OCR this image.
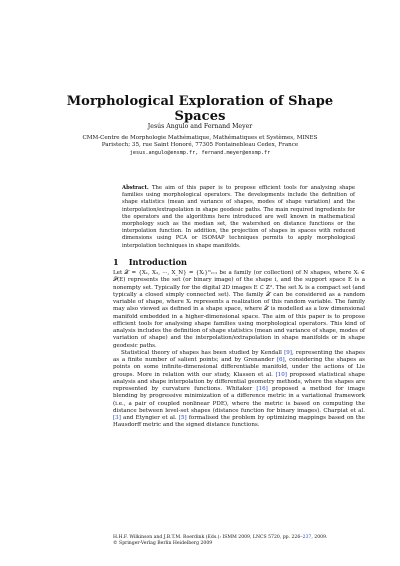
Morphological Exploration of Shape Spaces
Jesús Angulo and Fernand Meyer
CMM-Centre de Morphologie Mathématique, Mathématiques et Systèmes, MINES
Paristech; 35, rue Saint Honoré, 77305 Fontainebleau Cedex, France
jesus.angulo@ensmp.fr, fernand.meyer@ensmp.fr
Abstract. The aim of this paper is to propose efficient tools for analysing shape families using morphological operators. The developments include the definition of shape statistics (mean and variance of shapes, modes of shape variation) and the interpolation/extrapolation in shape geodesic paths. The main required ingredients for the operators and the algorithms here introduced are well known in mathematical morphology such as the median set, the watershed on distance functions or the interpolation function. In addition, the projection of shapes in spaces with reduced dimensions using PCA or ISOMAP techniques permits to apply morphological interpolation techniques in shape manifolds.
1 Introduction

Let 𝒳 = {X₁, X₂, ···, X_N} = {Xᵢ}ᴺᵢ₌₁ be a family (or collection) of N shapes, where Xᵢ ∈ 𝒫(E) represents the set (or binary image) of the shape i, and the support space E is a nonempty set. Typically for the digital 2D images E ⊂ ℤ². The set Xᵢ is a compact set (and typically a closed simply connected set). The family 𝒳 can be considered as a random variable of shape, where Xᵢ represents a realization of this random variable. The family may also viewed as defined in a shape space, where 𝒳 is modelled as a low dimensional manifold embedded in a higher-dimensional space. The aim of this paper is to propose efficient tools for analysing shape families using morphological operators. This kind of analysis includes the definition of shape statistics (mean and variance of shape, modes of variation of shape) and the interpolation/extrapolation in shape manifolds or in shape geodesic paths.

Statistical theory of shapes has been studied by Kendall [9], representing the shapes as a finite number of salient points; and by Grenander [6], considering the shapes as points on some infinite-dimensional differentiable manifold, under the actions of Lie groups. More in relation with our study, Klassen et al. [10] proposed statistical shape analysis and shape interpolation by differential geometry methods, where the shapes are represented by curvature functions. Whitaker [16] proposed a method for image blending by progressive minimization of a difference metric in a variational framework (i.e., a pair of coupled nonlinear PDE), where the metric is based on computing the distance between level-set shapes (distance function for binary images). Charpiat et al. [3] and Etyngier et al. [5] formalised the problem by optimizing mappings based on the Hausdorff metric and the signed distance functions.

H.H.F. Wilkinson and J.B.T.M. Roerdink (Eds.): ISMM 2009, LNCS 5720, pp. 226–237, 2009.
© Springer-Verlag Berlin Heidelberg 2009
